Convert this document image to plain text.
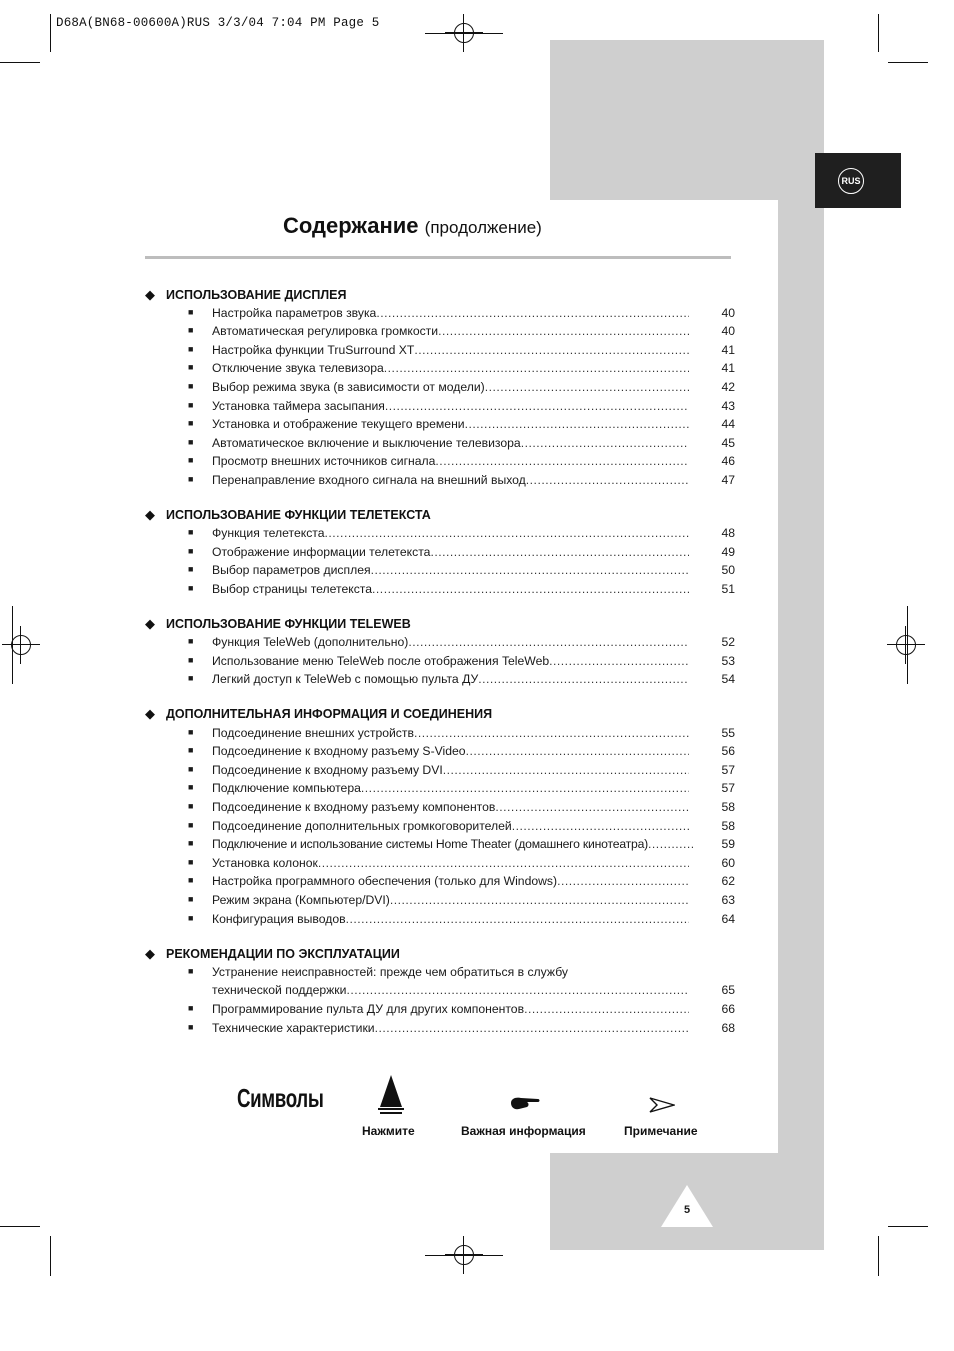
D68A(BN68-00600A)RUS 3/3/04 7:04 PM Page 5
RUS
Содержание (продолжение)
◆ ИСПОЛЬЗОВАНИЕ ДИСПЛЕЯ
■ Настройка параметров звука .....	40
■ Автоматическая регулировка громкости .....	40
■ Настройка функции TruSurround XT .....	41
■ Отключение звука телевизора .....	41
■ Выбор режима звука (в зависимости от модели) .....	42
■ Установка таймера засыпания .....	43
■ Установка и отображение текущего времени .....	44
■ Автоматическое включение и выключение телевизора .....	45
■ Просмотр внешних источников сигнала .....	46
■ Перенаправление входного сигнала на внешний выход .....	47
◆ ИСПОЛЬЗОВАНИЕ ФУНКЦИИ ТЕЛЕТЕКСТА
■ Функция телетекста .....	48
■ Отображение информации телетекста .....	49
■ Выбор параметров дисплея .....	50
■ Выбор страницы телетекста .....	51
◆ ИСПОЛЬЗОВАНИЕ ФУНКЦИИ TELEWEB
■ Функция TeleWeb (дополнительно) .....	52
■ Использование меню TeleWeb после отображения TeleWeb .....	53
■ Легкий доступ к TeleWeb с помощью пульта ДУ .....	54
◆ ДОПОЛНИТЕЛЬНАЯ ИНФОРМАЦИЯ И СОЕДИНЕНИЯ
■ Подсоединение внешних устройств .....	55
■ Подсоединение к входному разъему S-Video .....	56
■ Подсоединение к входному разъему DVI .....	57
■ Подключение компьютера .....	57
■ Подсоединение к входному разъему компонентов .....	58
■ Подсоединение дополнительных громкоговорителей .....	58
■ Подключение и использование системы Home Theater (домашнего кинотеатра) .....	59
■ Установка колонок .....	60
■ Настройка программного обеспечения (только для Windows) .....	62
■ Режим экрана (Компьютер/DVI) .....	63
■ Конфигурация выводов .....	64
◆ РЕКОМЕНДАЦИИ ПО ЭКСПЛУАТАЦИИ
■ Устранение неисправностей: прежде чем обратиться в службу
технической поддержки .....	65
■ Программирование пульта ДУ для других компонентов .....	66
■ Технические характеристики .....	68
Символы
Нажмите	Важная информация	Примечание
5
